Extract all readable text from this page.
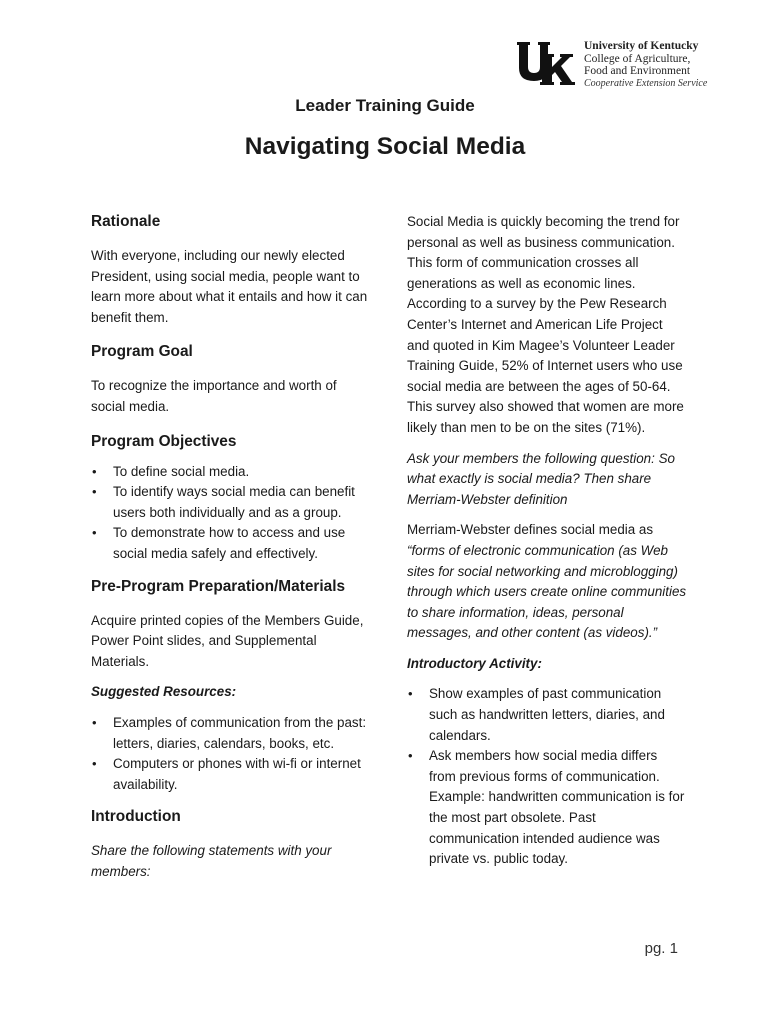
University of Kentucky
College of Agriculture,
Food and Environment
Cooperative Extension Service
Leader Training Guide
Navigating Social Media
Rationale

With everyone, including our newly elected President, using social media, people want to learn more about what it entails and how it can benefit them.

Program Goal

To recognize the importance and worth of social media.

Program Objectives
• To define social media.
• To identify ways social media can benefit users both individually and as a group.
• To demonstrate how to access and use social media safely and effectively.
Pre-Program Preparation/Materials

Acquire printed copies of the Members Guide, Power Point slides, and Supplemental Materials.

Suggested Resources:

• Examples of communication from the past: letters, diaries, calendars, books, etc.
• Computers or phones with wi-fi or internet availability.
Introduction

Share the following statements with your members:

Social Media is quickly becoming the trend for personal as well as business communication. This form of communication crosses all generations as well as economic lines. According to a survey by the Pew Research Center’s Internet and American Life Project and quoted in Kim Magee’s Volunteer Leader Training Guide, 52% of Internet users who use social media are between the ages of 50-64. This survey also showed that women are more likely than men to be on the sites (71%).

Ask your members the following question: So what exactly is social media? Then share Merriam-Webster definition

Merriam-Webster defines social media as “forms of electronic communication (as Web sites for social networking and microblogging) through which users create online communities to share information, ideas, personal messages, and other content (as videos).”

Introductory Activity:

• Show examples of past communication such as handwritten letters, diaries, and calendars.
• Ask members how social media differs from previous forms of communication. Example: handwritten communication is for the most part obsolete. Past communication intended audience was private vs. public today.
pg. 1
